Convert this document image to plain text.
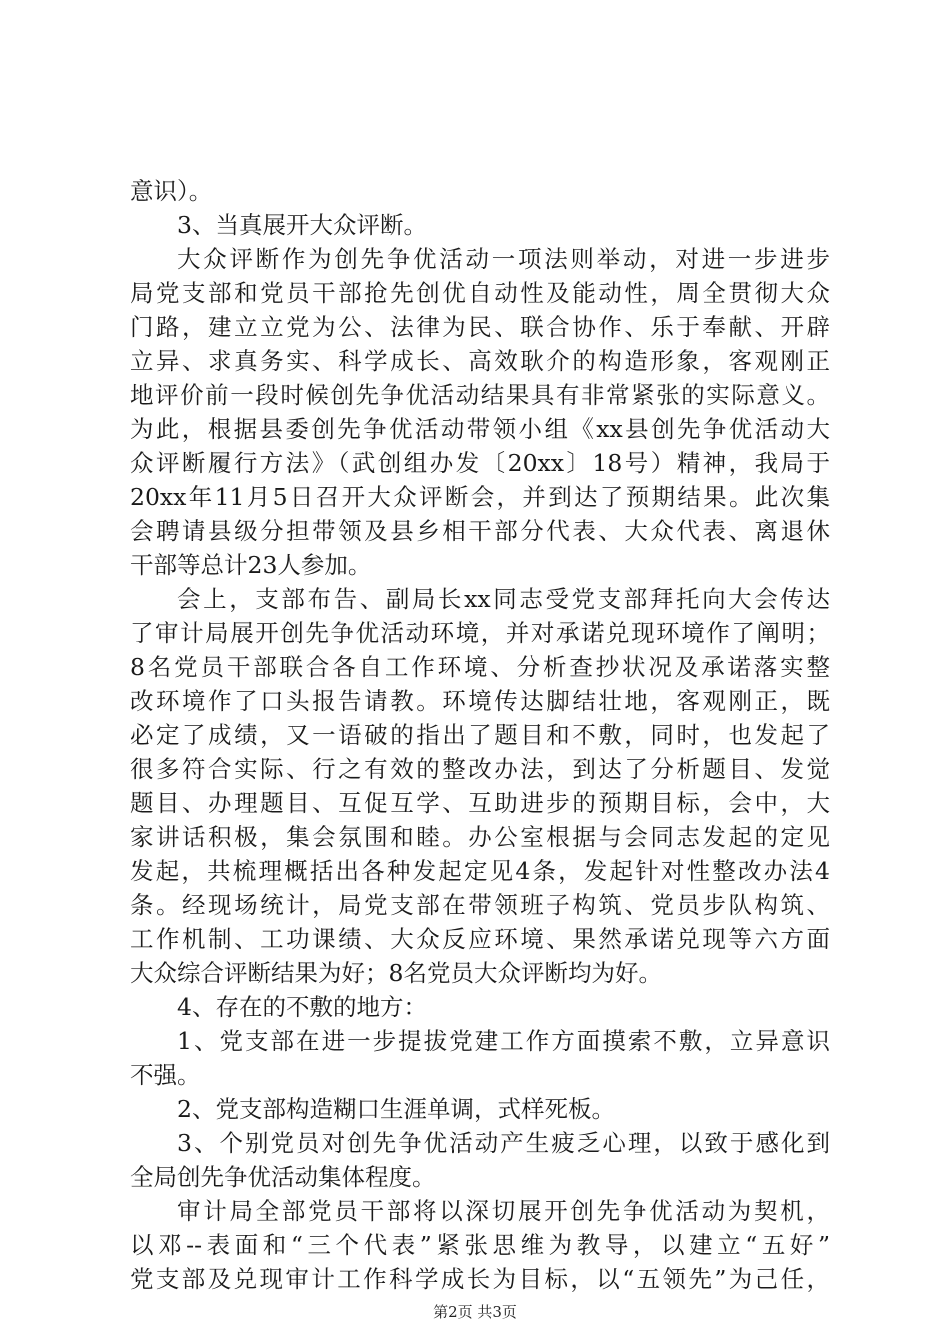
意识）。
3、当真展开大众评断。
大众评断作为创先争优活动一项法则举动，对进一步进步
局党支部和党员干部抢先创优自动性及能动性，周全贯彻大众
门路，建立立党为公、法律为民、联合协作、乐于奉献、开辟
立异、求真务实、科学成长、高效耿介的构造形象，客观刚正
地评价前一段时候创先争优活动结果具有非常紧张的实际意义。
为此，根据县委创先争优活动带领小组《xx县创先争优活动大
众评断履行方法》（武创组办发〔20xx〕18号）精神，我局于
20xx年11月5日召开大众评断会，并到达了预期结果。此次集
会聘请县级分担带领及县乡相干部分代表、大众代表、离退休
干部等总计23人参加。
会上，支部布告、副局长xx同志受党支部拜托向大会传达
了审计局展开创先争优活动环境，并对承诺兑现环境作了阐明；
8名党员干部联合各自工作环境、分析查抄状况及承诺落实整
改环境作了口头报告请教。环境传达脚结壮地，客观刚正，既
必定了成绩，又一语破的指出了题目和不敷，同时，也发起了
很多符合实际、行之有效的整改办法，到达了分析题目、发觉
题目、办理题目、互促互学、互助进步的预期目标，会中，大
家讲话积极，集会氛围和睦。办公室根据与会同志发起的定见
发起，共梳理概括出各种发起定见4条，发起针对性整改办法4
条。经现场统计，局党支部在带领班子构筑、党员步队构筑、
工作机制、工功课绩、大众反应环境、果然承诺兑现等六方面
大众综合评断结果为好；8名党员大众评断均为好。
4、存在的不敷的地方：
1、党支部在进一步提拔党建工作方面摸索不敷，立异意识
不强。
2、党支部构造糊口生涯单调，式样死板。
3、个别党员对创先争优活动产生疲乏心理，以致于感化到
全局创先争优活动集体程度。
审计局全部党员干部将以深切展开创先争优活动为契机，
以邓--表面和“三个代表”紧张思维为教导，以建立“五好”
党支部及兑现审计工作科学成长为目标，以“五领先”为己任，
第2页 共3页
